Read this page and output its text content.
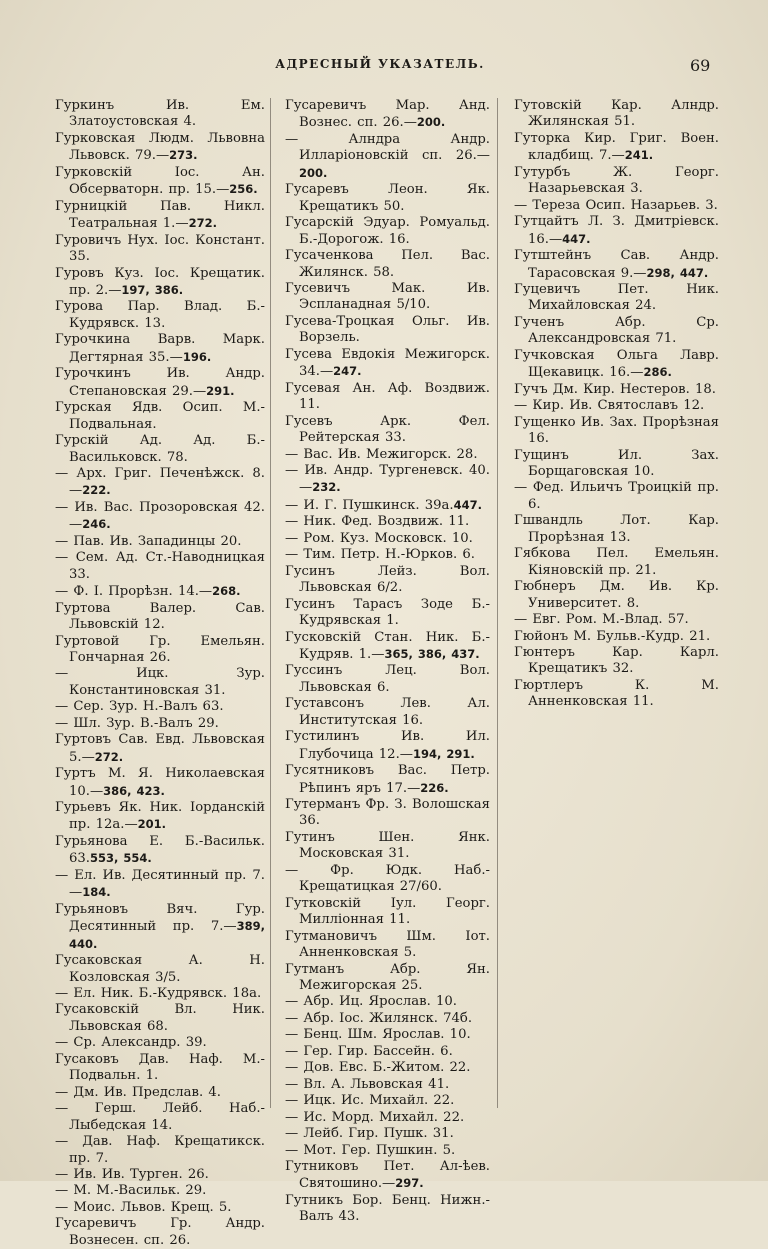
АДРЕСНЫЙ УКАЗАТЕЛЬ.	69
Гуркинъ Ив. Ем. Златоустовская 4.
Гурковская Людм. Львовна Львовск. 79.—273.
Гурковскій Іос. Ан. Обсерваторн. пр. 15.—256.
Гурницкій Пав. Никл. Театральная 1.—272.
Гуровичъ Нух. Іос. Констант. 35.
Гуровъ Куз. Іос. Крещатик. пр. 2.—197, 386.
Гурова Пар. Влад. Б.-Кудрявск. 13.
Гурочкина Варв. Марк. Дегтярная 35.—196.
Гурочкинъ Ив. Андр. Степановская 29.—291.
Гурская Ядв. Осип. М.-Подвальная.
Гурскій Ад. Ад. Б.-Васильковск. 78.
— Арх. Григ. Печенѣжск. 8.—222.
— Ив. Вас. Прозоровская 42.—246.
— Пав. Ив. Западинцы 20.
— Сем. Ад. Ст.-Наводницкая 33.
— Ф. І. Прорѣзн. 14.—268.
Гуртова Валер. Сав. Львовскій 12.
Гуртовой Гр. Емельян. Гончарная 26.
— Ицк. Зур. Константиновская 31.
— Сер. Зур. Н.-Валъ 63.
— Шл. Зур. В.-Валъ 29.
Гуртовъ Сав. Евд. Львовская 5.—272.
Гуртъ М. Я. Николаевская 10.—386, 423.
Гурьевъ Як. Ник. Іорданскій пр. 12а.—201.
Гурьянова Е. Б.-Васильк. 63.553, 554.
— Ел. Ив. Десятинный пр. 7.—184.
Гурьяновъ Вяч. Гур. Десятинный пр. 7.—389, 440.
Гусаковская А. Н. Козловская 3/5.
— Ел. Ник. Б.-Кудрявск. 18а.
Гусаковскій Вл. Ник. Львовская 68.
— Ср. Александр. 39.
Гусаковъ Дав. Наф. М.-Подвальн. 1.
— Дм. Ив. Предслав. 4.
— Герш. Лейб. Наб.-Лыбедская 14.
— Дав. Наф. Крещатикск. пр. 7.
— Ив. Ив. Турген. 26.
— М. М.-Васильк. 29.
— Моис. Львов. Крещ. 5.
Гусаревичъ Гр. Андр. Вознесен. сп. 26.
Гусаревичъ Мар. Анд. Вознес. сп. 26.—200.
— Алндра Андр. Илларіоновскій сп. 26.—200.
Гусаревъ Леон. Як. Крещатикъ 50.
Гусарскій Эдуар. Ромуальд. Б.-Дорогож. 16.
Гусаченкова Пел. Вас. Жилянск. 58.
Гусевичъ Мак. Ив. Эспланадная 5/10.
Гусева-Троцкая Ольг. Ив. Ворзель.
Гусева Евдокія Межигорск. 34.—247.
Гусевая Ан. Аф. Воздвиж. 11.
Гусевъ Арк. Фел. Рейтерская 33.
— Вас. Ив. Межигорск. 28.
— Ив. Андр. Тургеневск. 40.—232.
— И. Г. Пушкинск. 39а.447.
— Ник. Фед. Воздвиж. 11.
— Ром. Куз. Московск. 10.
— Тим. Петр. Н.-Юрков. 6.
Гусинъ Лейз. Вол. Львовская 6/2.
Гусинъ Тарасъ Зоде Б.-Кудрявская 1.
Гусковскій Стан. Ник. Б.-Кудряв. 1.—365, 386, 437.
Гуссинъ Лец. Вол. Львовская 6.
Густавсонъ Лев. Ал. Институтская 16.
Густилинъ Ив. Ил. Глубочица 12.—194, 291.
Гусятниковъ Вас. Петр. Рѣпинъ яръ 17.—226.
Гутерманъ Фр. З. Волошская 36.
Гутинъ Шен. Янк. Московская 31.
— Фр. Юдк. Наб.-Крещатицкая 27/60.
Гутковскій Іул. Георг. Милліонная 11.
Гутмановичъ Шм. Іот. Анненковская 5.
Гутманъ Абр. Ян. Межигорская 25.
— Абр. Иц. Ярослав. 10.
— Абр. Іос. Жилянск. 74б.
— Бенц. Шм. Ярослав. 10.
— Гер. Гир. Бассейн. 6.
— Дов. Евс. Б.-Житом. 22.
— Вл. А. Львовская 41.
— Ицк. Ис. Михайл. 22.
— Ис. Морд. Михайл. 22.
— Лейб. Гир. Пушк. 31.
— Мот. Гер. Пушкин. 5.
Гутниковъ Пет. Ал-ѣев. Святошино.—297.
Гутникъ Бор. Бенц. Нижн.-Валъ 43.
Гутовскій Кар. Алндр. Жилянская 51.
Гуторка Кир. Григ. Воен. кладбищ. 7.—241.
Гутурбъ Ж. Георг. Назарьевская 3.
— Тереза Осип. Назарьев. 3.
Гутцайтъ Л. З. Дмитріевск. 16.—447.
Гутштейнъ Сав. Андр. Тарасовская 9.—298, 447.
Гуцевичъ Пет. Ник. Михайловская 24.
Гученъ Абр. Ср. Александровская 71.
Гучковская Ольга Лавр. Щекавицк. 16.—286.
Гучъ Дм. Кир. Нестеров. 18.
— Кир. Ив. Святославъ 12.
Гущенко Ив. Зах. Прорѣзная 16.
Гущинъ Ил. Зах. Борщаговская 10.
— Фед. Ильичъ Троицкій пр. 6.
Гшвандль Лот. Кар. Прорѣзная 13.
Гябкова Пел. Емельян. Кіяновскій пр. 21.
Гюбнеръ Дм. Ив. Кр. Университет. 8.
— Евг. Ром. М.-Влад. 57.
Гюйонъ М. Бульв.-Кудр. 21.
Гюнтеръ Кар. Карл. Крещатикъ 32.
Гюртлеръ К. М. Анненковская 11.
